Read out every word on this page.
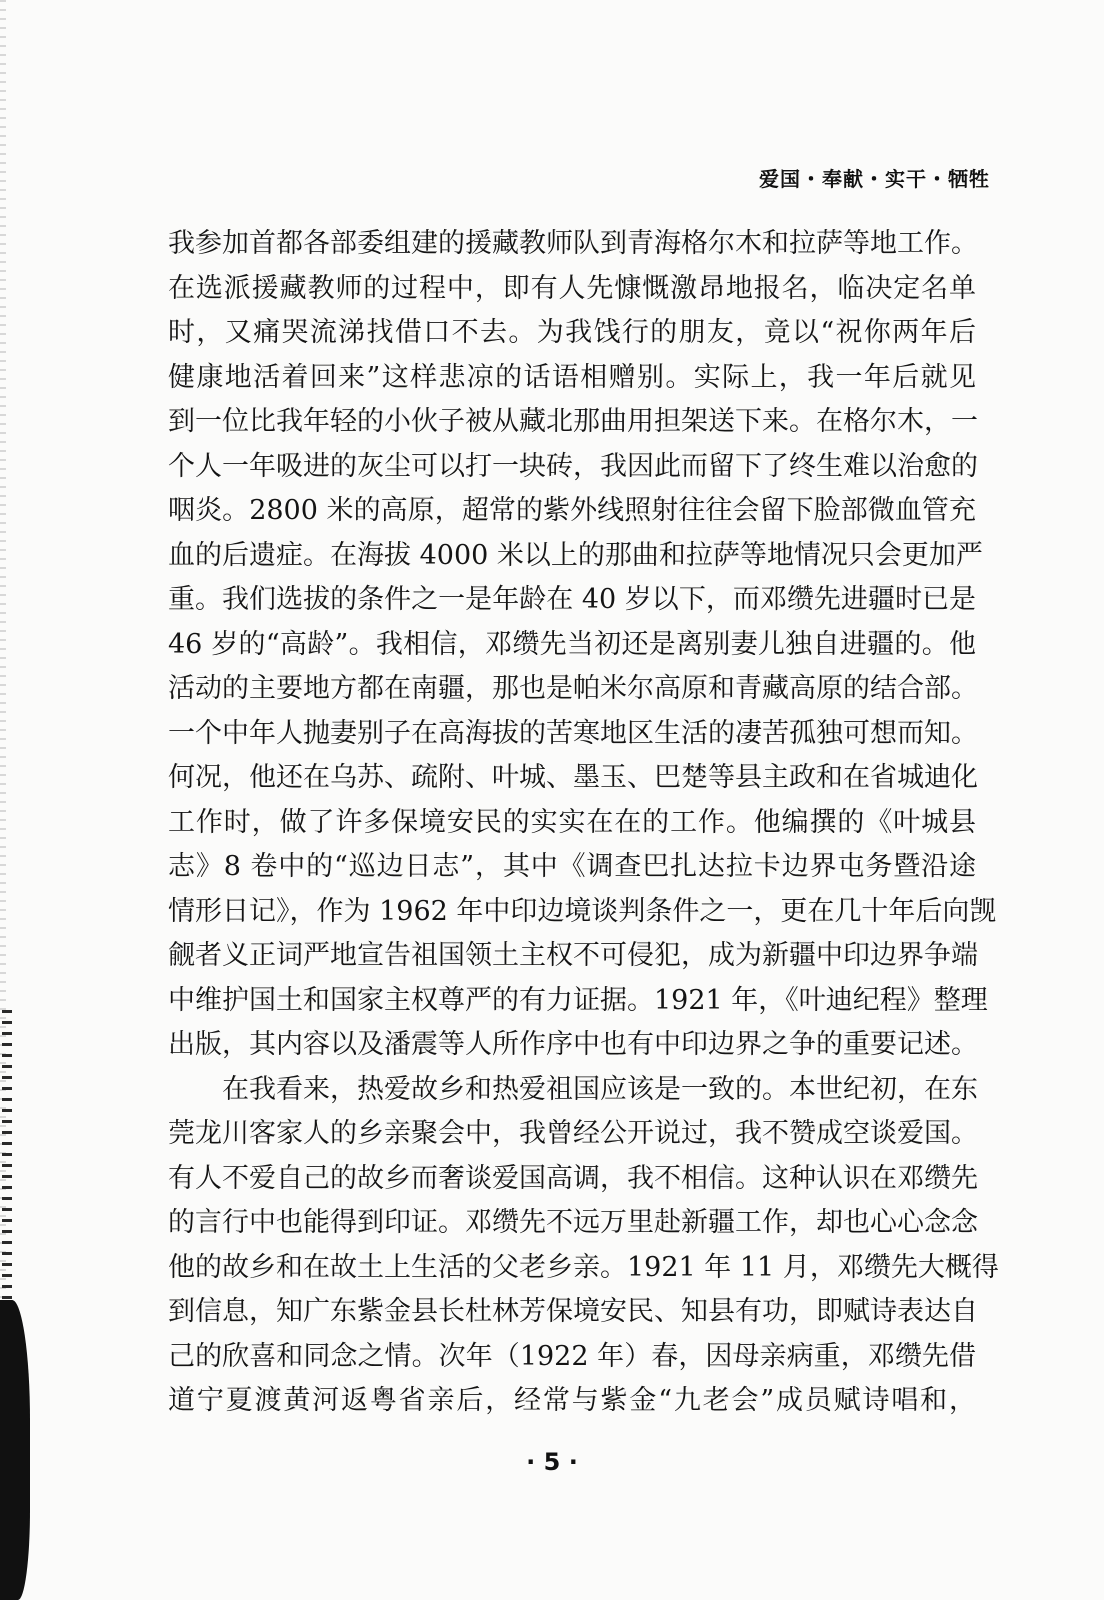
爱国・奉献・实干・牺牲
我参加首都各部委组建的援藏教师队到青海格尔木和拉萨等地工作。
在选派援藏教师的过程中，即有人先慷慨激昂地报名，临决定名单
时，又痛哭流涕找借口不去。为我饯行的朋友，竟以“祝你两年后
健康地活着回来”这样悲凉的话语相赠别。实际上，我一年后就见
到一位比我年轻的小伙子被从藏北那曲用担架送下来。在格尔木，一
个人一年吸进的灰尘可以打一块砖，我因此而留下了终生难以治愈的
咽炎。2800 米的高原，超常的紫外线照射往往会留下脸部微血管充
血的后遗症。在海拔 4000 米以上的那曲和拉萨等地情况只会更加严
重。我们选拔的条件之一是年龄在 40 岁以下，而邓缵先进疆时已是
46 岁的“高龄”。我相信，邓缵先当初还是离别妻儿独自进疆的。他
活动的主要地方都在南疆，那也是帕米尔高原和青藏高原的结合部。
一个中年人抛妻别子在高海拔的苦寒地区生活的凄苦孤独可想而知。
何况，他还在乌苏、疏附、叶城、墨玉、巴楚等县主政和在省城迪化
工作时，做了许多保境安民的实实在在的工作。他编撰的《叶城县
志》8 卷中的“巡边日志”，其中《调查巴扎达拉卡边界屯务暨沿途
情形日记》，作为 1962 年中印边境谈判条件之一，更在几十年后向觊
觎者义正词严地宣告祖国领土主权不可侵犯，成为新疆中印边界争端
中维护国土和国家主权尊严的有力证据。1921 年，《叶迪纪程》整理
出版，其内容以及潘震等人所作序中也有中印边界之争的重要记述。
在我看来，热爱故乡和热爱祖国应该是一致的。本世纪初，在东
莞龙川客家人的乡亲聚会中，我曾经公开说过，我不赞成空谈爱国。
有人不爱自己的故乡而奢谈爱国高调，我不相信。这种认识在邓缵先
的言行中也能得到印证。邓缵先不远万里赴新疆工作，却也心心念念
他的故乡和在故土上生活的父老乡亲。1921 年 11 月，邓缵先大概得
到信息，知广东紫金县长杜林芳保境安民、知县有功，即赋诗表达自
己的欣喜和同念之情。次年（1922 年）春，因母亲病重，邓缵先借
道宁夏渡黄河返粤省亲后，经常与紫金“九老会”成员赋诗唱和，
· 5 ·
